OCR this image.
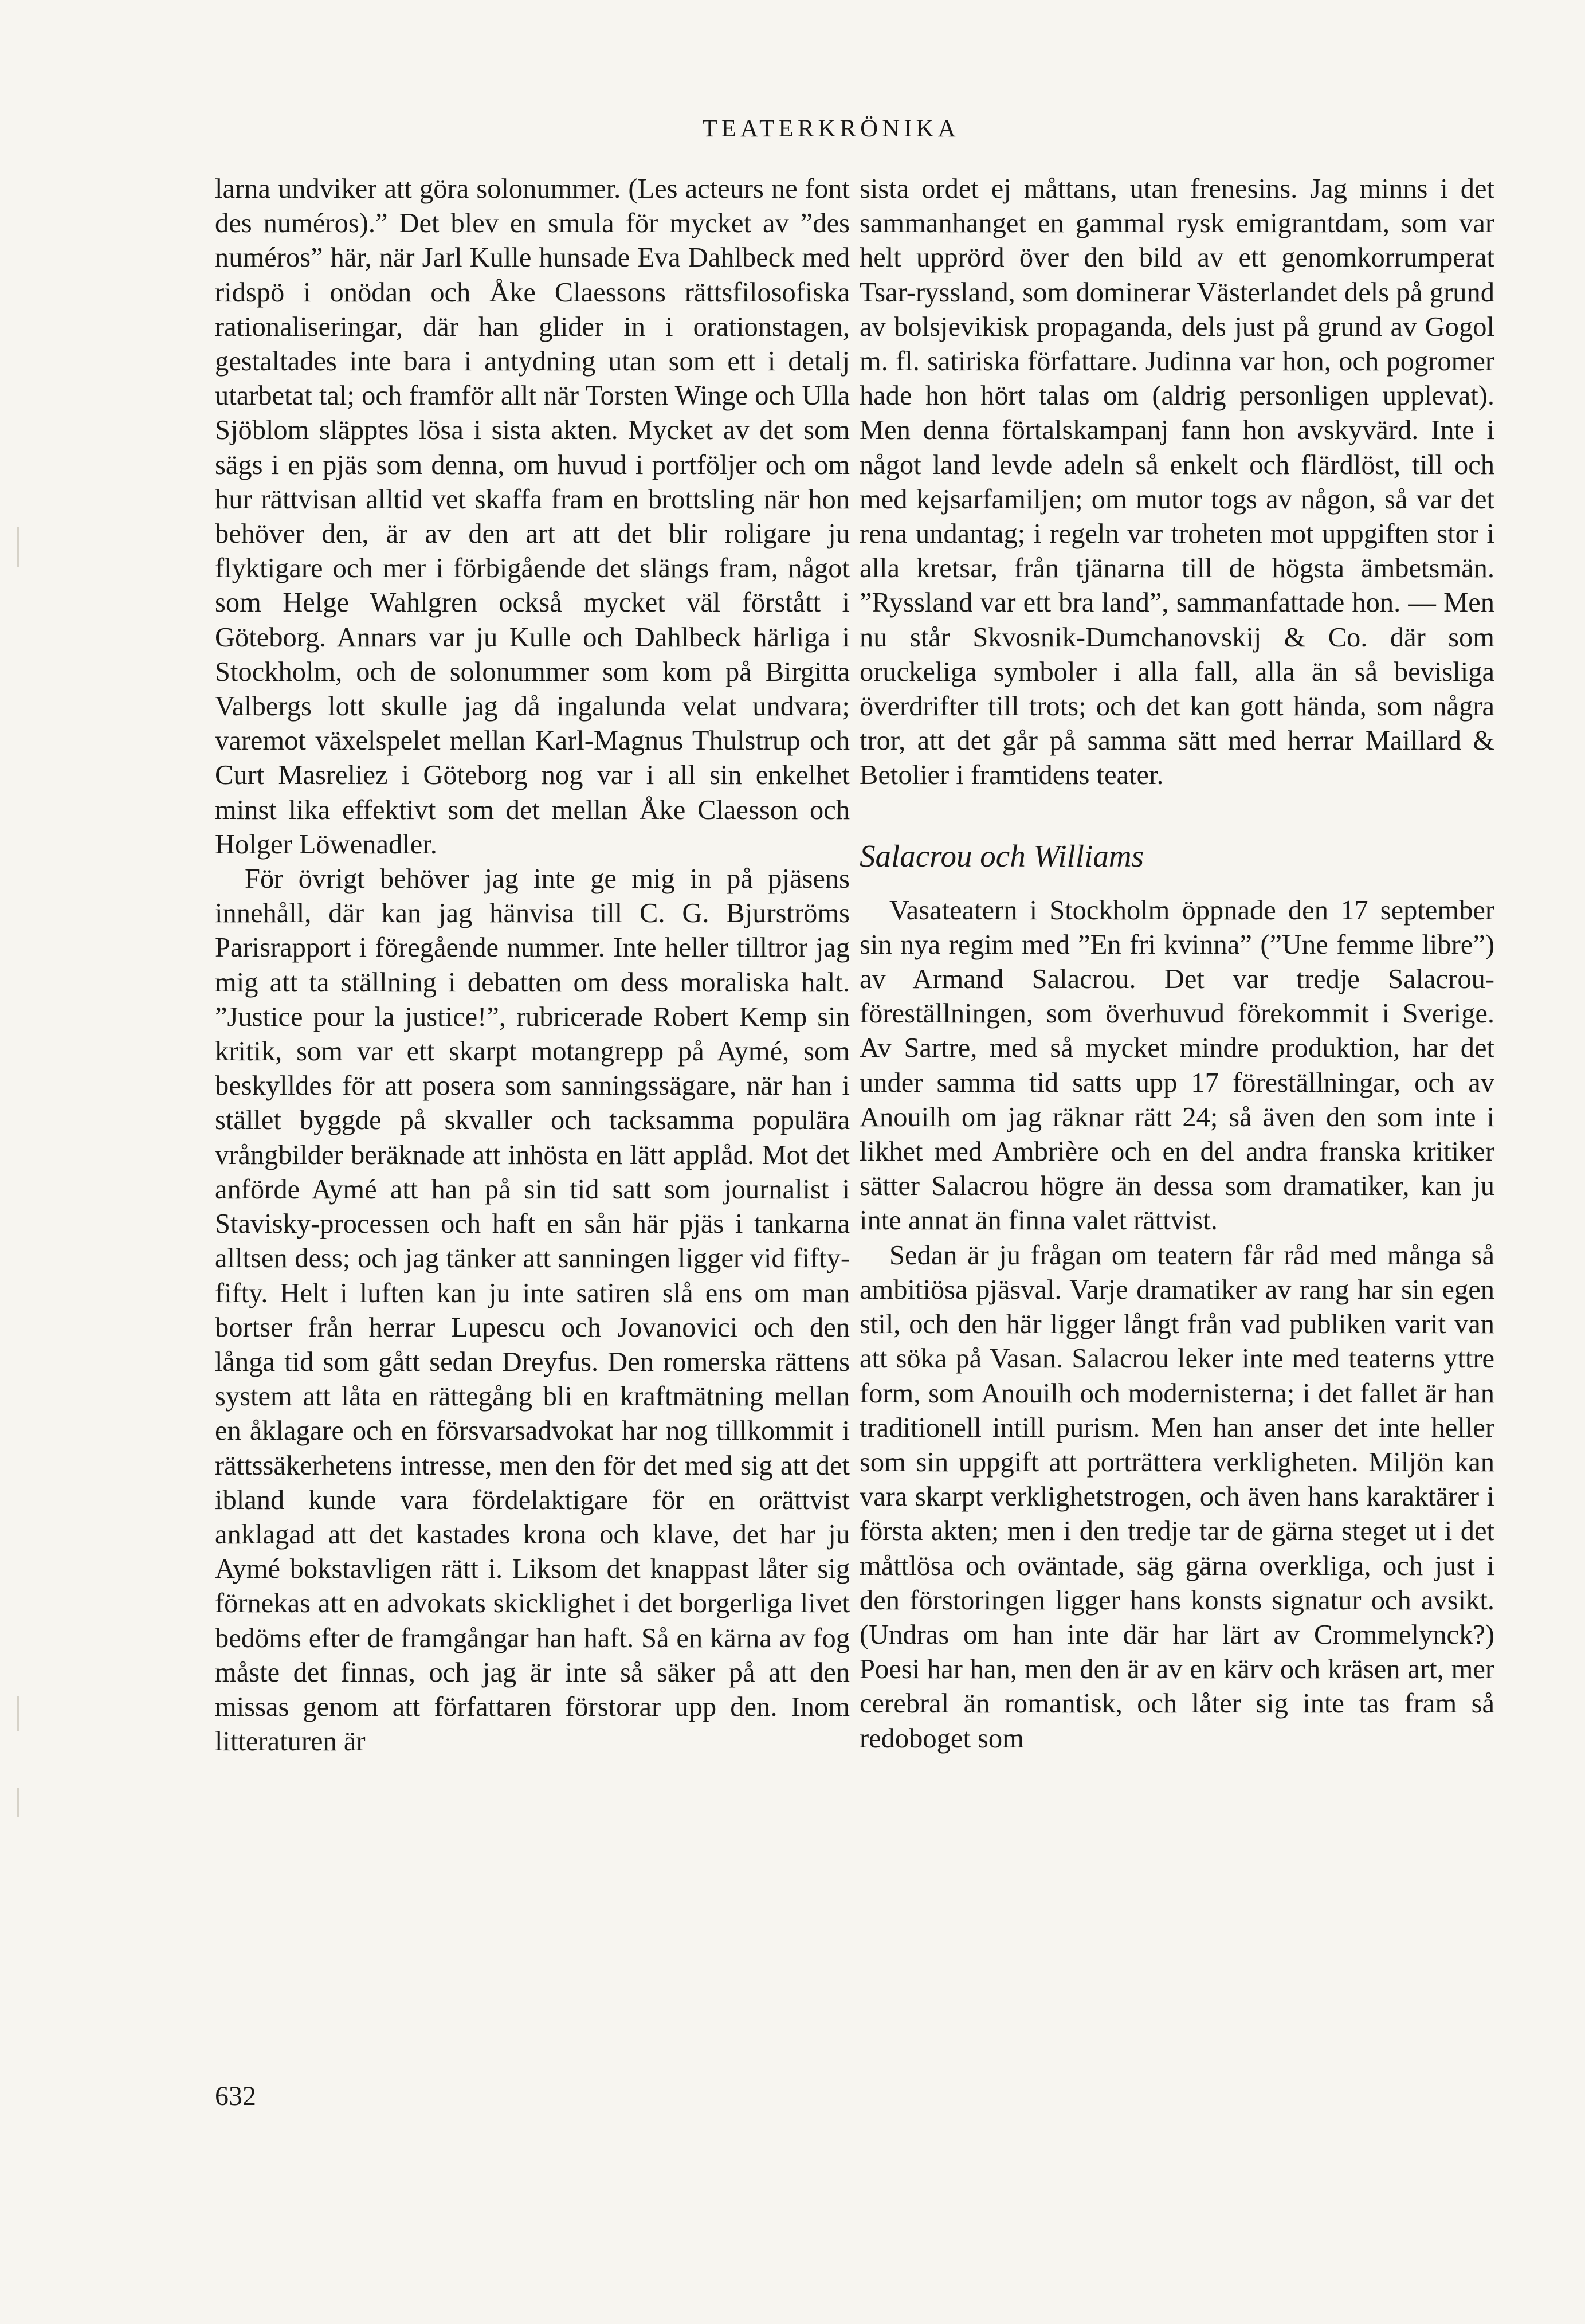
TEATERKRÖNIKA

larna undviker att göra solonummer. (Les acteurs ne font des numéros).” Det blev en smula för mycket av ”des numéros” här, när Jarl Kulle hunsade Eva Dahlbeck med ridspö i onödan och Åke Claessons rättsfilosofiska rationaliseringar, där han glider in i orationstagen, gestaltades inte bara i antydning utan som ett i detalj utarbetat tal; och framför allt när Torsten Winge och Ulla Sjöblom släpptes lösa i sista akten. Mycket av det som sägs i en pjäs som denna, om huvud i portföljer och om hur rättvisan alltid vet skaffa fram en brottsling när hon behöver den, är av den art att det blir roligare ju flyktigare och mer i förbigående det slängs fram, något som Helge Wahlgren också mycket väl förstått i Göteborg. Annars var ju Kulle och Dahlbeck härliga i Stockholm, och de solonummer som kom på Birgitta Valbergs lott skulle jag då ingalunda velat undvara; varemot växelspelet mellan Karl-Magnus Thulstrup och Curt Masreliez i Göteborg nog var i all sin enkelhet minst lika effektivt som det mellan Åke Claesson och Holger Löwenadler.

För övrigt behöver jag inte ge mig in på pjäsens innehåll, där kan jag hänvisa till C. G. Bjurströms Parisrapport i föregående nummer. Inte heller tilltror jag mig att ta ställning i debatten om dess moraliska halt. ”Justice pour la justice!”, rubricerade Robert Kemp sin kritik, som var ett skarpt motangrepp på Aymé, som beskylldes för att posera som sanningssägare, när han i stället byggde på skvaller och tacksamma populära vrångbilder beräknade att inhösta en lätt applåd. Mot det anförde Aymé att han på sin tid satt som journalist i Stavisky-processen och haft en sån här pjäs i tankarna alltsen dess; och jag tänker att sanningen ligger vid fifty-fifty. Helt i luften kan ju inte satiren slå ens om man bortser från herrar Lupescu och Jovanovici och den långa tid som gått sedan Dreyfus. Den romerska rättens system att låta en rättegång bli en kraftmätning mellan en åklagare och en försvarsadvokat har nog tillkommit i rättssäkerhetens intresse, men den för det med sig att det ibland kunde vara fördelaktigare för en orättvist anklagad att det kastades krona och klave, det har ju Aymé bokstavligen rätt i. Liksom det knappast låter sig förnekas att en advokats skicklighet i det borgerliga livet bedöms efter de framgångar han haft. Så en kärna av fog måste det finnas, och jag är inte så säker på att den missas genom att författaren förstorar upp den. Inom litteraturen är

sista ordet ej måttans, utan frenesins. Jag minns i det sammanhanget en gammal rysk emigrantdam, som var helt upprörd över den bild av ett genomkorrumperat Tsar-ryssland, som dominerar Västerlandet dels på grund av bolsjevikisk propaganda, dels just på grund av Gogol m. fl. satiriska författare. Judinna var hon, och pogromer hade hon hört talas om (aldrig personligen upplevat). Men denna förtalskampanj fann hon avskyvärd. Inte i något land levde adeln så enkelt och flärdlöst, till och med kejsarfamiljen; om mutor togs av någon, så var det rena undantag; i regeln var troheten mot uppgiften stor i alla kretsar, från tjänarna till de högsta ämbetsmän. ”Ryssland var ett bra land”, sammanfattade hon. — Men nu står Skvosnik-Dumchanovskij & Co. där som oruckeliga symboler i alla fall, alla än så bevisliga överdrifter till trots; och det kan gott hända, som några tror, att det går på samma sätt med herrar Maillard & Betolier i framtidens teater.

Salacrou och Williams

Vasateatern i Stockholm öppnade den 17 september sin nya regim med ”En fri kvinna” (”Une femme libre”) av Armand Salacrou. Det var tredje Salacrou-föreställningen, som överhuvud förekommit i Sverige. Av Sartre, med så mycket mindre produktion, har det under samma tid satts upp 17 föreställningar, och av Anouilh om jag räknar rätt 24; så även den som inte i likhet med Ambrière och en del andra franska kritiker sätter Salacrou högre än dessa som dramatiker, kan ju inte annat än finna valet rättvist.

Sedan är ju frågan om teatern får råd med många så ambitiösa pjäsval. Varje dramatiker av rang har sin egen stil, och den här ligger långt från vad publiken varit van att söka på Vasan. Salacrou leker inte med teaterns yttre form, som Anouilh och modernisterna; i det fallet är han traditionell intill purism. Men han anser det inte heller som sin uppgift att porträttera verkligheten. Miljön kan vara skarpt verklighetstrogen, och även hans karaktärer i första akten; men i den tredje tar de gärna steget ut i det måttlösa och oväntade, säg gärna overkliga, och just i den förstoringen ligger hans konsts signatur och avsikt. (Undras om han inte där har lärt av Crommelynck?) Poesi har han, men den är av en kärv och kräsen art, mer cerebral än romantisk, och låter sig inte tas fram så redoboget som

632
